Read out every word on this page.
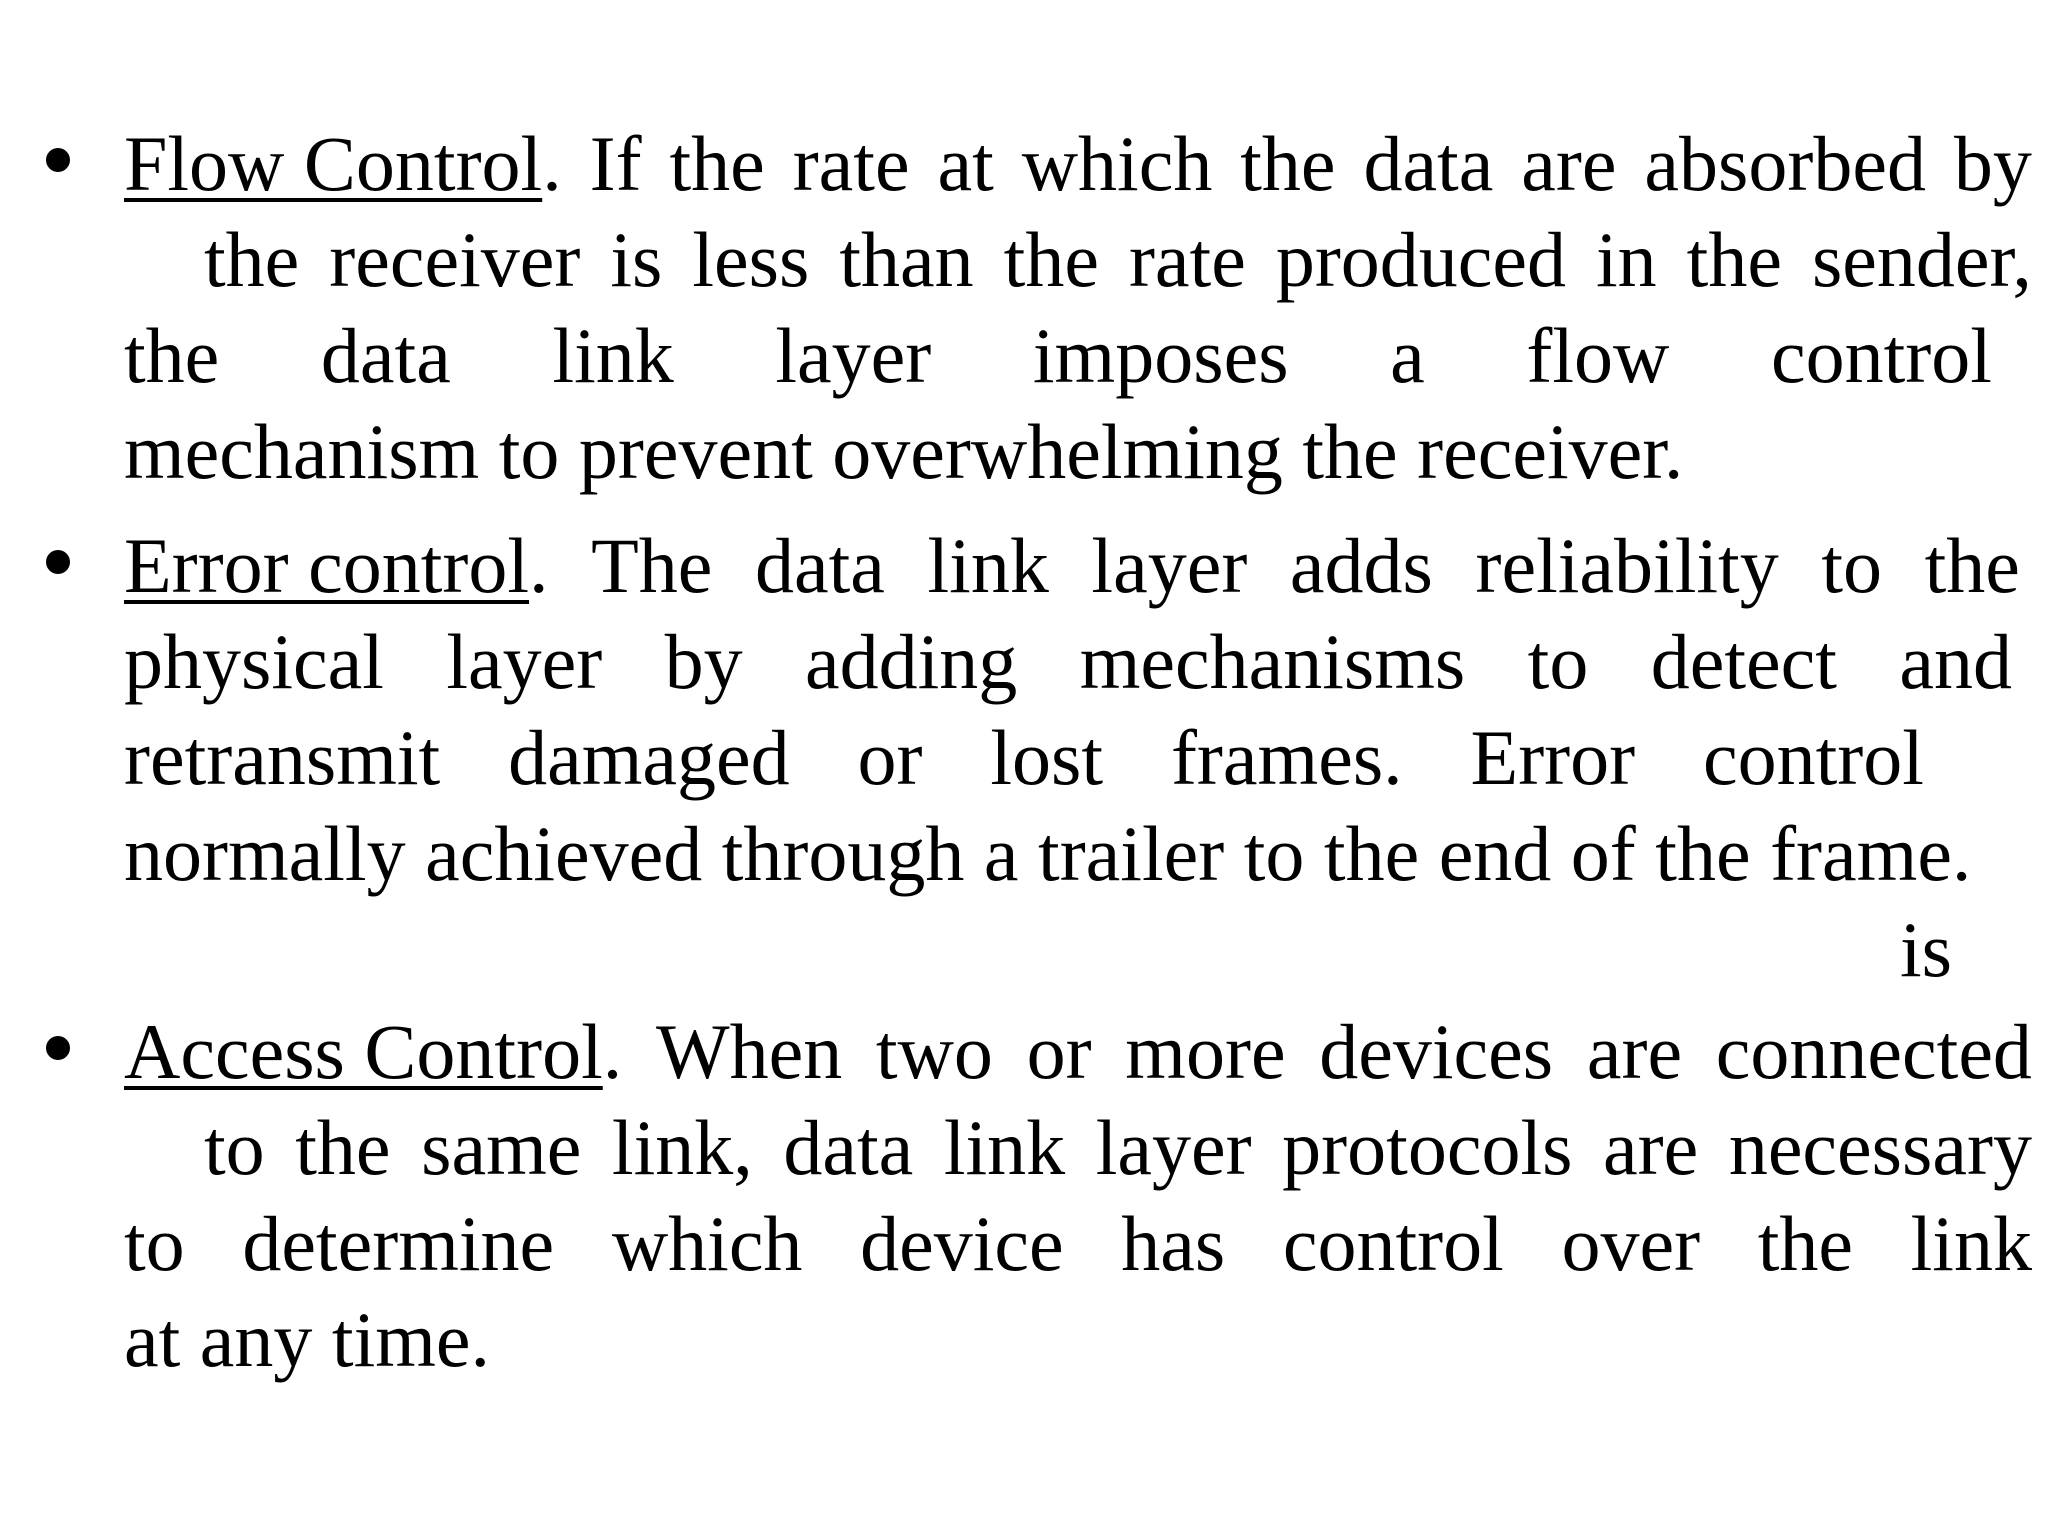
Flow Control. If the rate at which the data are absorbed by
the receiver is less than the rate produced in the sender,
the data link layer imposes a flow control
mechanism to prevent overwhelming the receiver.
Error control. The data link layer adds reliability to the
physical layer by adding mechanisms to detect and
retransmit damaged or lost frames. Error control
normally achieved through a trailer to the end of the frame.
is
Access Control. When two or more devices are connected
to the same link, data link layer protocols are necessary
to determine which device has control over the link
at any time.
